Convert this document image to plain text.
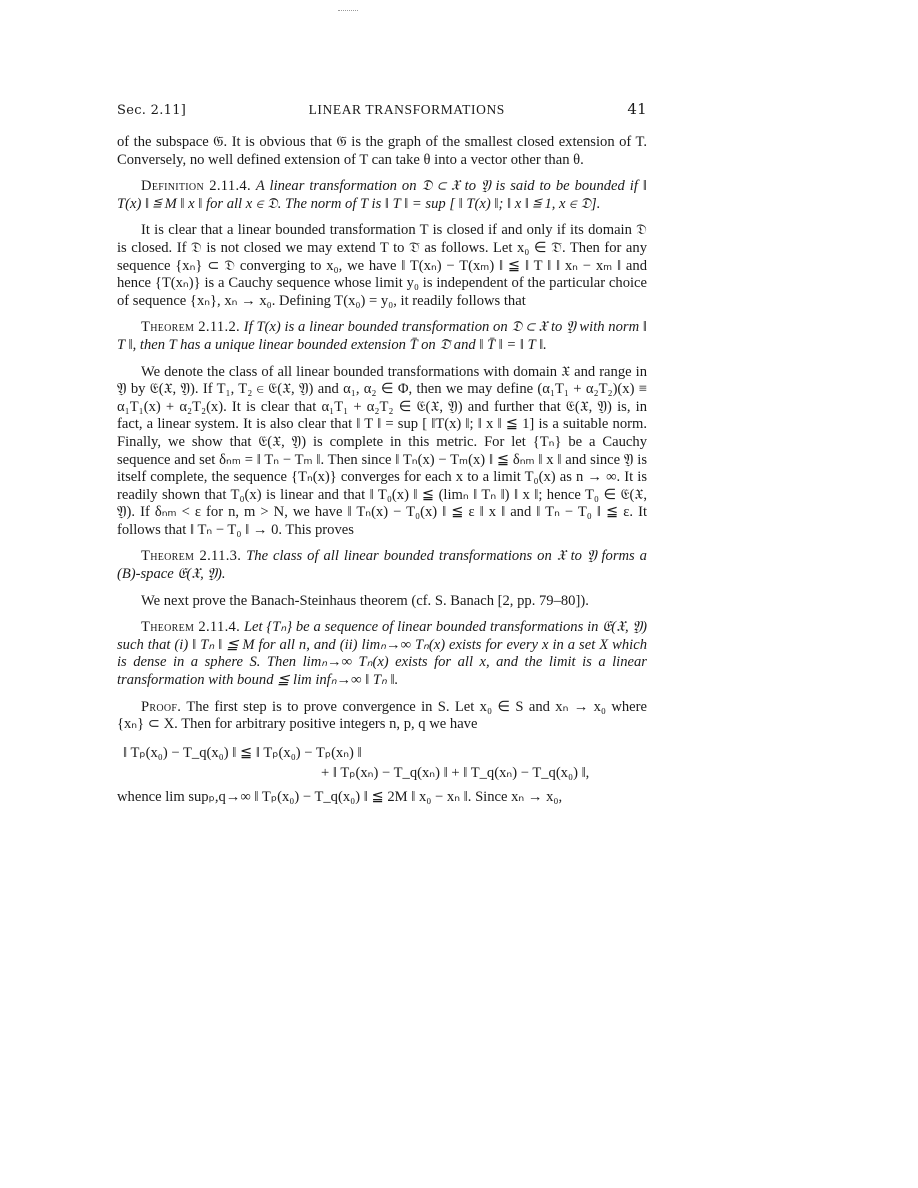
Sec. 2.11]	LINEAR TRANSFORMATIONS	41

of the subspace 𝔊̄. It is obvious that 𝔊̄ is the graph of the smallest closed extension of T. Conversely, no well defined extension of T can take θ into a vector other than θ.

Definition 2.11.4. A linear transformation on 𝔇 ⊂ 𝔛 to 𝔜 is said to be bounded if ‖ T(x) ‖ ≦ M ‖ x ‖ for all x ∈ 𝔇. The norm of T is ‖ T ‖ = sup [ ‖ T(x) ‖; ‖ x ‖ ≦ 1, x ∈ 𝔇].

It is clear that a linear bounded transformation T is closed if and only if its domain 𝔇 is closed. If 𝔇 is not closed we may extend T to 𝔇̄ as follows. Let x₀ ∈ 𝔇̄. Then for any sequence {xₙ} ⊂ 𝔇 converging to x₀, we have ‖ T(xₙ) − T(xₘ) ‖ ≦ ‖ T ‖ ‖ xₙ − xₘ ‖ and hence {T(xₙ)} is a Cauchy sequence whose limit y₀ is independent of the particular choice of sequence {xₙ}, xₙ → x₀. Defining T(x₀) = y₀, it readily follows that

Theorem 2.11.2. If T(x) is a linear bounded transformation on 𝔇 ⊂ 𝔛 to 𝔜 with norm ‖ T ‖, then T has a unique linear bounded extension T̄ on 𝔇̄ and ‖ T̄ ‖ = ‖ T ‖.

We denote the class of all linear bounded transformations with domain 𝔛 and range in 𝔜 by 𝔈(𝔛, 𝔜). If T₁, T₂ ∈ 𝔈(𝔛, 𝔜) and α₁, α₂ ∈ Φ, then we may define (α₁T₁ + α₂T₂)(x) ≡ α₁T₁(x) + α₂T₂(x). It is clear that α₁T₁ + α₂T₂ ∈ 𝔈(𝔛, 𝔜) and further that 𝔈(𝔛, 𝔜) is, in fact, a linear system. It is also clear that ‖ T ‖ = sup [ ‖T(x) ‖; ‖ x ‖ ≦ 1] is a suitable norm. Finally, we show that 𝔈(𝔛, 𝔜) is complete in this metric. For let {Tₙ} be a Cauchy sequence and set δₙₘ = ‖ Tₙ − Tₘ ‖. Then since ‖ Tₙ(x) − Tₘ(x) ‖ ≦ δₙₘ ‖ x ‖ and since 𝔜 is itself complete, the sequence {Tₙ(x)} converges for each x to a limit T₀(x) as n → ∞. It is readily shown that T₀(x) is linear and that ‖ T₀(x) ‖ ≦ (limₙ ‖ Tₙ ‖) ‖ x ‖; hence T₀ ∈ 𝔈(𝔛, 𝔜). If δₙₘ < ε for n, m > N, we have ‖ Tₙ(x) − T₀(x) ‖ ≦ ε ‖ x ‖ and ‖ Tₙ − T₀ ‖ ≦ ε. It follows that ‖ Tₙ − T₀ ‖ → 0. This proves

Theorem 2.11.3. The class of all linear bounded transformations on 𝔛 to 𝔜 forms a (B)-space 𝔈(𝔛, 𝔜).

We next prove the Banach-Steinhaus theorem (cf. S. Banach [2, pp. 79–80]).

Theorem 2.11.4. Let {Tₙ} be a sequence of linear bounded transformations in 𝔈(𝔛, 𝔜) such that (i) ‖ Tₙ ‖ ≦ M for all n, and (ii) limₙ→∞ Tₙ(x) exists for every x in a set X which is dense in a sphere S. Then limₙ→∞ Tₙ(x) exists for all x, and the limit is a linear transformation with bound ≦ lim infₙ→∞ ‖ Tₙ ‖.

Proof. The first step is to prove convergence in S. Let x₀ ∈ S and xₙ → x₀ where {xₙ} ⊂ X. Then for arbitrary positive integers n, p, q we have

‖ Tₚ(x₀) − T_q(x₀) ‖ ≦ ‖ Tₚ(x₀) − Tₚ(xₙ) ‖
+ ‖ Tₚ(xₙ) − T_q(xₙ) ‖ + ‖ T_q(xₙ) − T_q(x₀) ‖,

whence lim supₚ,q→∞ ‖ Tₚ(x₀) − T_q(x₀) ‖ ≦ 2M ‖ x₀ − xₙ ‖. Since xₙ → x₀,
